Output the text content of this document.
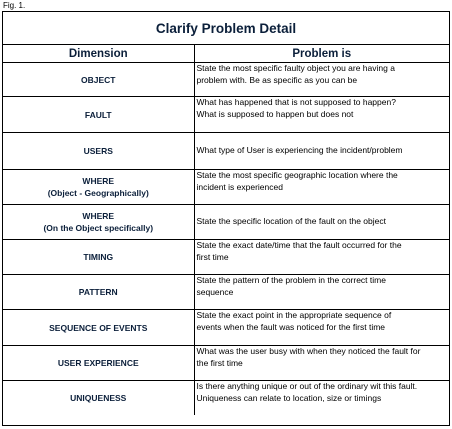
Fig. 1.
Clarify Problem Detail
Dimension	Problem is

OBJECT	State the most specific faulty object you are having a
problem with. Be as specific as you can be

FAULT	What has happened that is not supposed to happen?
What is supposed to happen but does not

USERS	What type of User is experiencing the incident/problem

WHERE
(Object - Geographically)	State the most specific geographic location where the
incident is experienced

WHERE
(On the Object specifically)	State the specific location of the fault on the object

TIMING	State the exact date/time that the fault occurred for the
first time

PATTERN	State the pattern of the problem in the correct time
sequence

SEQUENCE OF EVENTS	State the exact point in the appropriate sequence of
events when the fault was noticed for the first time

USER EXPERIENCE	What was the user busy with when they noticed the fault for
the first time

UNIQUENESS	Is there anything unique or out of the ordinary wit this fault.
Uniqueness can relate to location, size or timings
